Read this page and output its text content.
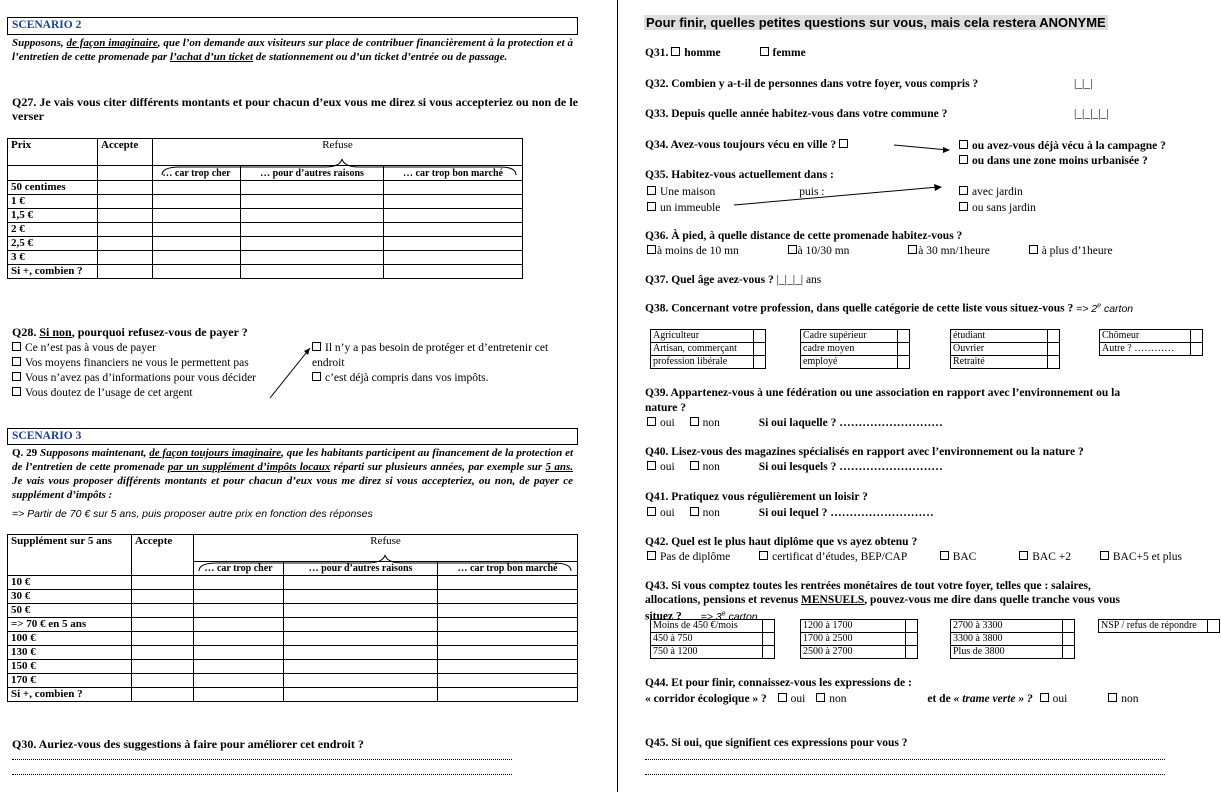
SCENARIO 2
Supposons, de façon imaginaire, que l’on demande aux visiteurs sur place de contribuer financièrement à la protection et à l’entretien de cette promenade par l’achat d’un ticket de stationnement ou d’un ticket d’entrée ou de passage.
Q27. Je vais vous citer différents montants et pour chacun d’eux vous me direz si vous accepteriez ou non de le verser
Prix	Accepte	Refuse		

		… car trop cher	… pour d’autres raisons	… car trop bon marché
50 centimes				
1 €				
1,5 €				
2 €				
2,5 €				
3 €				
Si +, combien ?				
Q28. Si non, pourquoi refusez-vous de payer ?
Ce n’est pas à vous de payer
Vos moyens financiers ne vous le permettent pas
Vous n’avez pas d’informations pour vous décider
Vous doutez de l’usage de cet argent
Il n’y a pas besoin de protéger et d’entretenir cet
endroit
c’est déjà compris dans vos impôts.
SCENARIO 3
Q. 29 Supposons maintenant, de façon toujours imaginaire, que les habitants participent au financement de la protection et de l’entretien de cette promenade par un supplément d’impôts locaux réparti sur plusieurs années, par exemple sur 5 ans. Je vais vous proposer différents montants et pour chacun d’eux vous me direz si vous accepteriez, ou non, de payer ce supplément d’impôts :
=> Partir de 70 € sur 5 ans, puis proposer autre prix en fonction des réponses
Supplément sur 5 ans	Accepte	Refuse		
		… car trop cher	… pour d’autres raisons	… car trop bon marché
10 €				
30 €				
50 €				
=> 70 € en 5 ans				
100 €				
130 €				
150 €				
170 €				
Si +, combien ?				
Q30. Auriez-vous des suggestions à faire pour améliorer cet endroit ?
Pour finir, quelles petites questions sur vous, mais cela restera ANONYME
Q31. homme	femme
Q32. Combien y a-t-il de personnes dans votre foyer, vous compris ?	|_|_|
Q33. Depuis quelle année habitez-vous dans votre commune ?	|_|_|_|_|
Q34. Avez-vous toujours vécu en ville ?	ou avez-vous déjà vécu à la campagne ?
ou dans une zone moins urbanisée ?
Q35. Habitez-vous actuellement dans :
Une maison	puis :
un immeuble
avec jardin
ou sans jardin
Q36. À pied, à quelle distance de cette promenade habitez-vous ?
à moins de 10 mn	à 10/30 mn	à 30 mn/1heure	à plus d’1heure
Q37. Quel âge avez-vous ? |_|_|_| ans
Q38. Concernant votre profession, dans quelle catégorie de cette liste vous situez-vous ? => $2^e$ carton
Agriculteur	
Artisan, commerçant	
profession libérale	
Cadre supérieur	
cadre moyen	
employé	
étudiant	
Ouvrier	
Retraité	
Chômeur	
Autre ? …………	
Q39. Appartenez-vous à une fédération ou une association en rapport avec l’environnement ou la
nature ?
oui non	Si oui laquelle ? ………………………
Q40. Lisez-vous des magazines spécialisés en rapport avec l’environnement ou la nature ?
oui non	Si oui lesquels ? ………………………
Q41. Pratiquez vous régulièrement un loisir ?
oui non	Si oui lequel ? ………………………
Q42. Quel est le plus haut diplôme que vs ayez obtenu ?
Pas de diplôme	certificat d’études, BEP/CAP	BAC	BAC +2	BAC+5 et plus
Q43. Si vous comptez toutes les rentrées monétaires de tout votre foyer, telles que : salaires,
allocations, pensions et revenus MENSUELS, pouvez-vous me dire dans quelle tranche vous vous
situez ? => $3^e$ carton
Moins de 450 €/mois	
450 à 750	
750 à 1200	
1200 à 1700	
1700 à 2500	
2500 à 2700	
2700 à 3300	
3300 à 3800	
Plus de 3800	
NSP / refus de répondre	
Q44. Et pour finir, connaissez-vous les expressions de :
« corridor écologique » ? oui non	et de « trame verte » ? oui	non
Q45. Si oui, que signifient ces expressions pour vous ?
